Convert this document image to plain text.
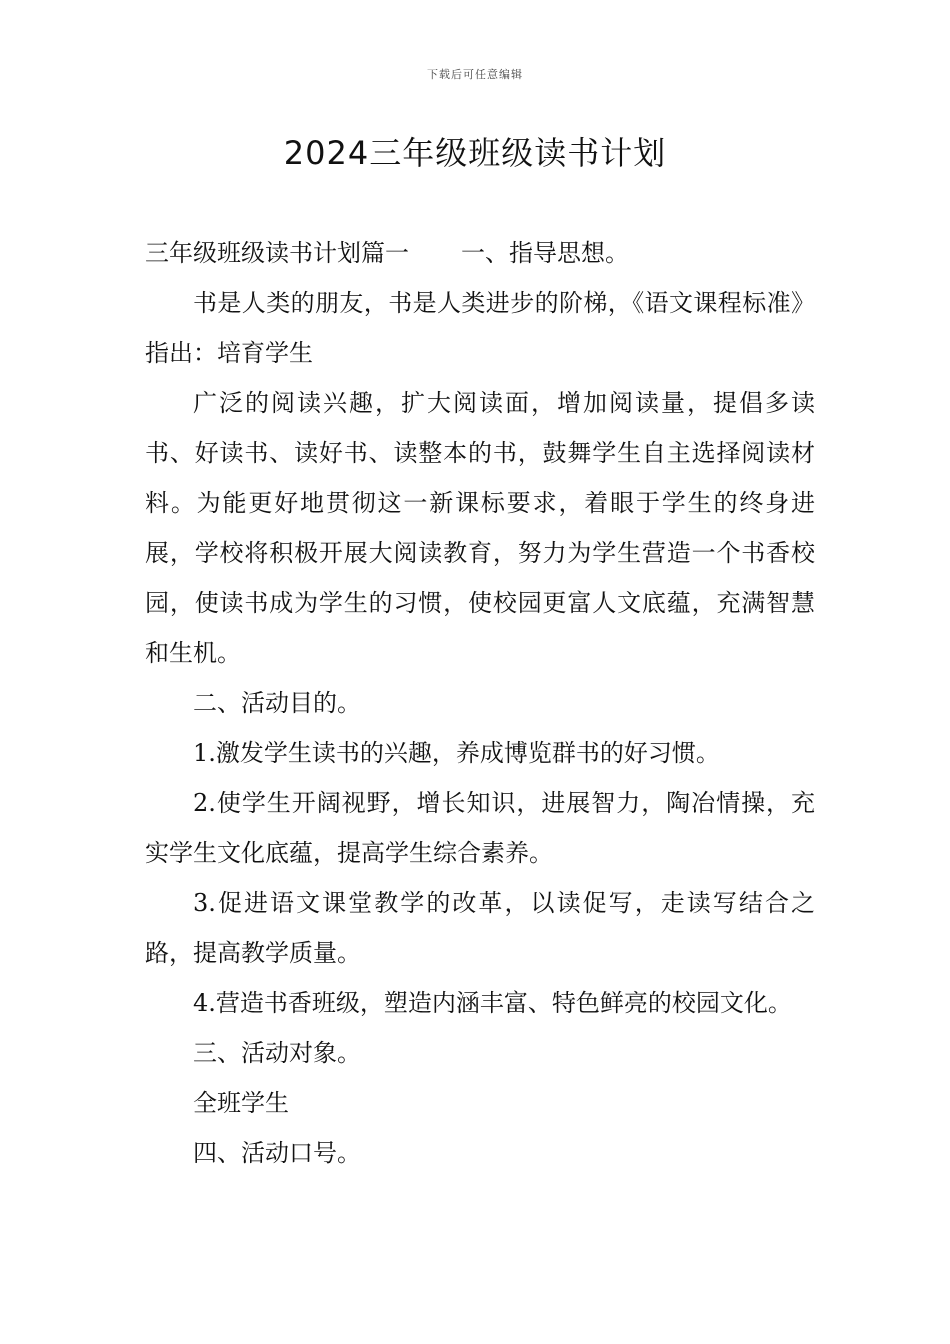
下载后可任意编辑
2024三年级班级读书计划

三年级班级读书计划篇一 一、指导思想。

书是人类的朋友，书是人类进步的阶梯，《语文课程标准》指出：培育学生

广泛的阅读兴趣，扩大阅读面，增加阅读量，提倡多读书、好读书、读好书、读整本的书，鼓舞学生自主选择阅读材料。为能更好地贯彻这一新课标要求，着眼于学生的终身进展，学校将积极开展大阅读教育，努力为学生营造一个书香校园，使读书成为学生的习惯，使校园更富人文底蕴，充满智慧和生机。

二、活动目的。

1.激发学生读书的兴趣，养成博览群书的好习惯。

2.使学生开阔视野，增长知识，进展智力，陶冶情操，充实学生文化底蕴，提高学生综合素养。

3.促进语文课堂教学的改革，以读促写，走读写结合之路，提高教学质量。

4.营造书香班级，塑造内涵丰富、特色鲜亮的校园文化。

三、活动对象。

全班学生

四、活动口号。
